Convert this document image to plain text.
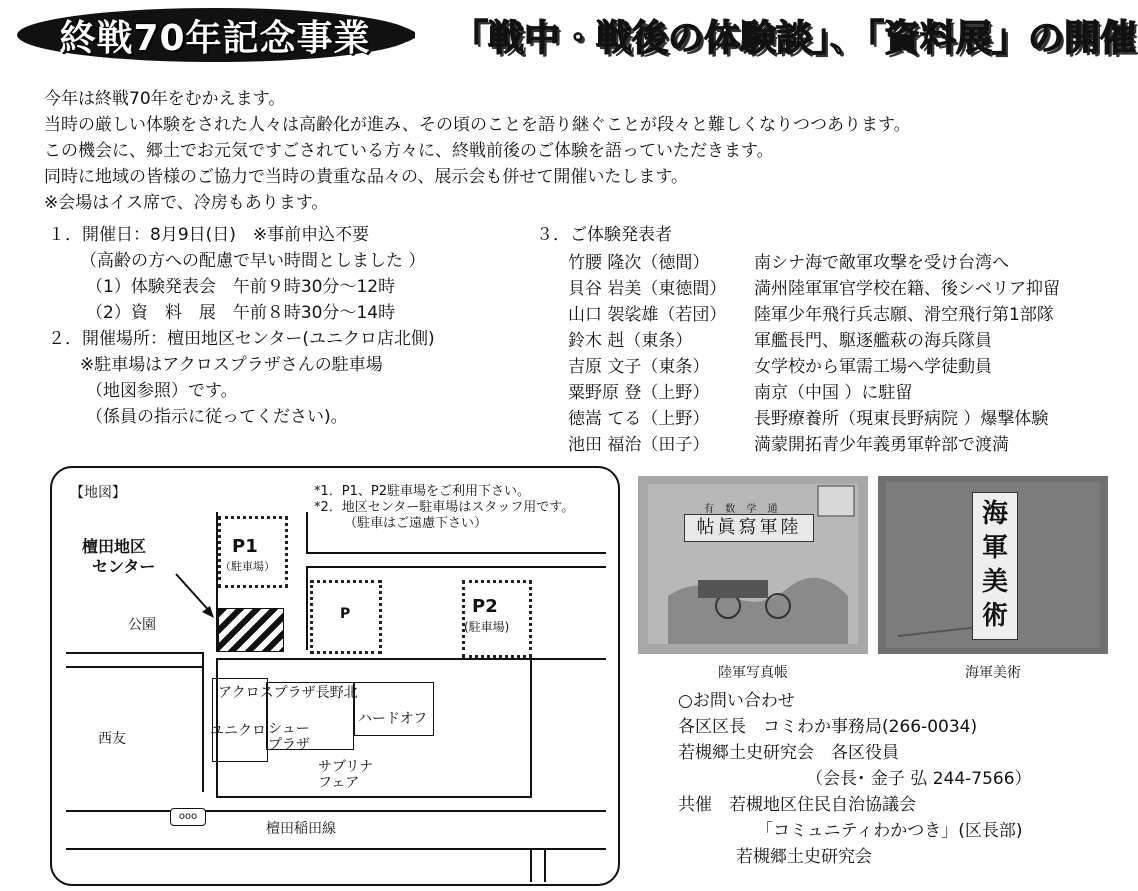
終戦70年記念事業	「戦中・戦後の体験談」、「資料展」の開催
今年は終戦70年をむかえます。
当時の厳しい体験をされた人々は高齢化が進み、その頃のことを語り継ぐことが段々と難しくなりつつあります。
この機会に、郷土でお元気ですごされている方々に、終戦前後のご体験を語っていただきます。
同時に地域の皆様のご協力で当時の貴重な品々の、展示会も併せて開催いたします。
※会場はイス席で、冷房もあります。
１．開催日：8月9日(日)　※事前申込不要
（高齢の方への配慮で早い時間としました ）
（1）体験発表会　午前９時30分～12時
（2）資　料　展　午前８時30分～14時
２．開催場所：檀田地区センター(ユニクロ店北側)
※駐車場はアクロスプラザさんの駐車場
（地図参照）です。
（係員の指示に従ってください)。
３．ご体験発表者
竹腰 隆次（徳間）	南シナ海で敵軍攻撃を受け台湾へ
貝谷 岩美（東徳間） 満州陸軍軍官学校在籍、後シベリア抑留
山口 袈裟雄（若団） 陸軍少年飛行兵志願、滑空飛行第1部隊
鈴木 赳（東条）	軍艦長門、駆逐艦萩の海兵隊員
吉原 文子（東条）	女学校から軍需工場へ学徒動員
粟野原 登（上野）	南京（中国 ）に駐留
徳嵩 てる（上野）	長野療養所（現東長野病院 ）爆撃体験
池田 福治（田子）	満蒙開拓青少年義勇軍幹部で渡満
【地図】	*1．P1、P2駐車場をご利用下さい。
*2．地区センター駐車場はスタッフ用です。
（駐車はご遠慮下さい）
檀田地区
センター
P1
（駐車場）
P	P2
(駐車場)
公園
アクロスプラザ長野北
ハードオフ
ユニクロ シュー
プラザ
サブリナ
フェア
西友
ooo
檀田稲田線
帖眞寫軍陸
有 数 学 通
陸軍写真帳
海軍美術
海軍美術
○お問い合わせ
各区区長　コミわか事務局(266-0034)
若槻郷土史研究会　各区役員
（会長･ 金子 弘 244-7566）
共催　若槻地区住民自治協議会
「コミュニティわかつき」(区長部)
若槻郷土史研究会
